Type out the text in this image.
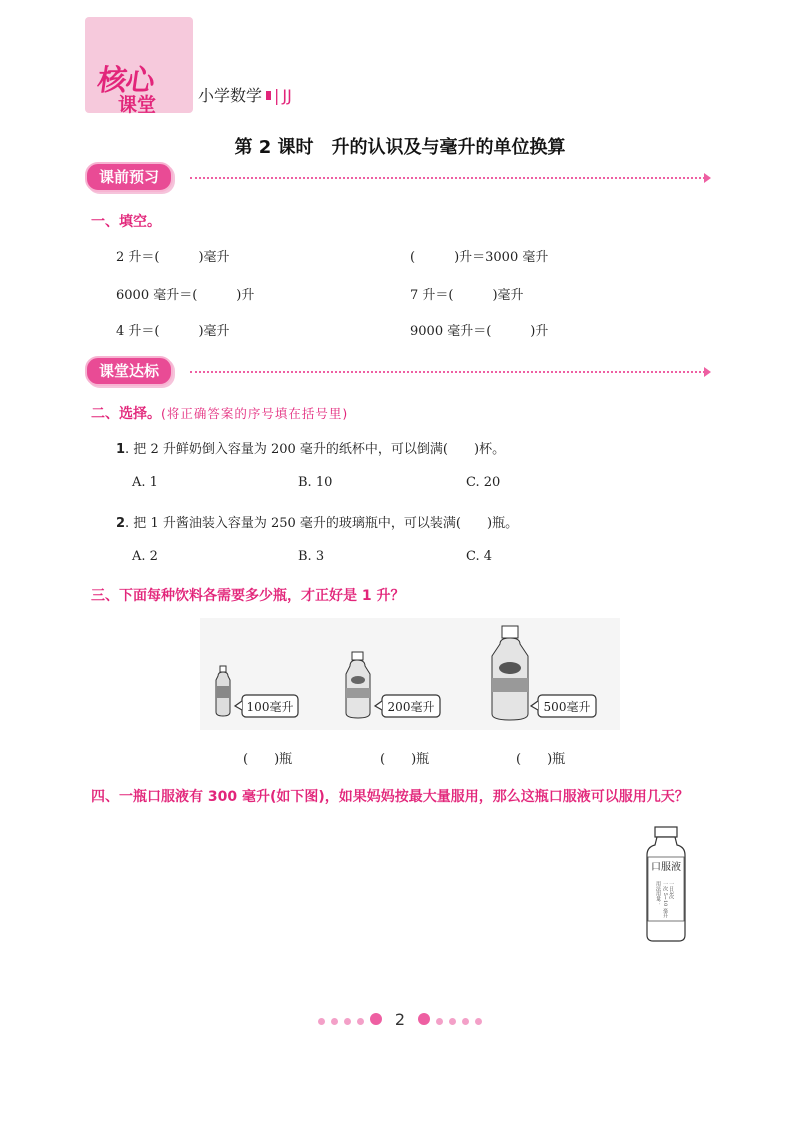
核心
课堂	小学数学 | JJ
第 2 课时　升的认识及与毫升的单位换算
课前预习
一、填空。
2 升＝(　　　)毫升	(　　　)升＝3000 毫升
6000 毫升＝(　　　)升	7 升＝(　　　)毫升
4 升＝(　　　)毫升	9000 毫升＝(　　　)升
课堂达标
二、选择。(将正确答案的序号填在括号里)
1. 把 2 升鲜奶倒入容量为 200 毫升的纸杯中，可以倒满(　　)杯。
A. 1	B. 10	C. 20
2. 把 1 升酱油装入容量为 250 毫升的玻璃瓶中，可以装满(　　)瓶。
A. 2	B. 3	C. 4
三、下面每种饮料各需要多少瓶，才正好是 1 升？
100毫升	200毫升	500毫升
(　　)瓶	(　　)瓶	(　　)瓶
四、一瓶口服液有 300 毫升(如下图)，如果妈妈按最大量服用，那么这瓶口服液可以服用几天？
口服液
一日3次
一次 5~10 毫升
用法用量：
2
